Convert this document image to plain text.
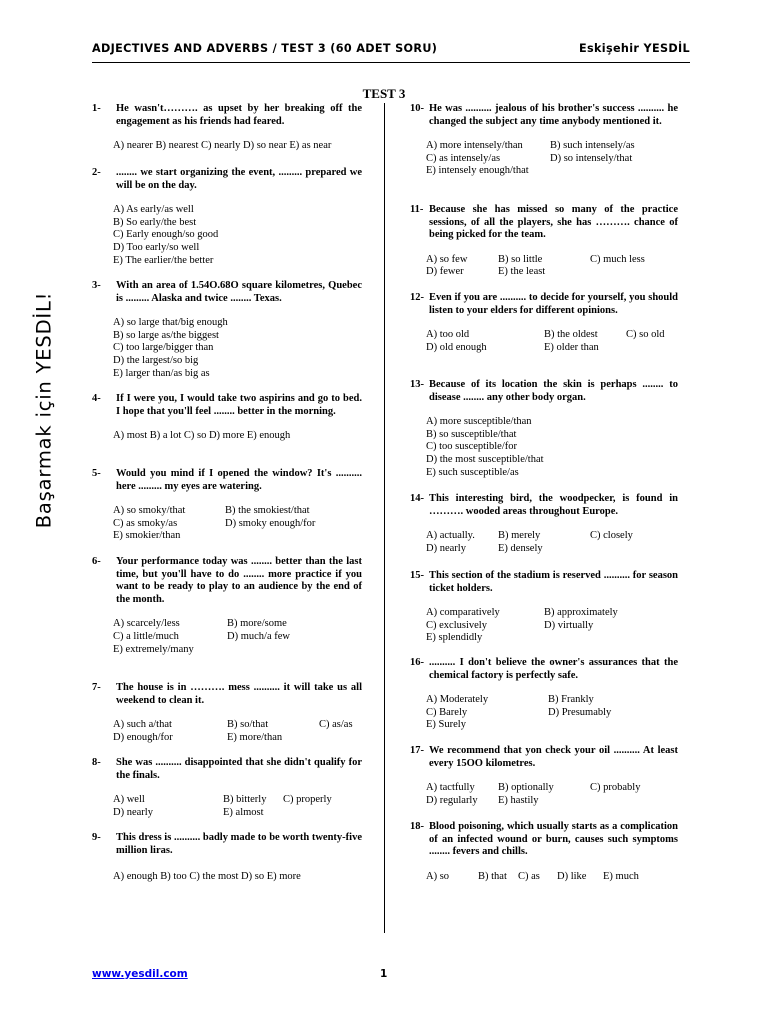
ADJECTIVES AND ADVERBS / TEST 3 (60 ADET SORU)	Eskişehir YESDİL
TEST 3
Başarmak için YESDİL!
1- He wasn't………. as upset by her breaking off the engagement as his friends had feared.
A) nearer B) nearest C) nearly D) so near E) as near
2- ........ we start organizing the event, ......... prepared we will be on the day.
A) As early/as well
B) So early/the best
C) Early enough/so good
D) Too early/so well
E) The earlier/the better
3- With an area of 1.54O.68O square kilometres, Quebec is ......... Alaska and twice ........ Texas.
A) so large that/big enough
B) so large as/the biggest
C) too large/bigger than
D) the largest/so big
E) larger than/as big as
4- If I were you, I would take two aspirins and go to bed. I hope that you'll feel ........ better in the morning.
A) most B) a lot C) so D) more E) enough
5- Would you mind if I opened the window? It's .......... here ......... my eyes are watering.
A) so smoky/that	B) the smokiest/that
C) as smoky/as	D) smoky enough/for
E) smokier/than
6- Your performance today was ........ better than the last time, but you'll have to do ........ more practice if you want to be ready to play to an audience by the end of the month.
A) scarcely/less	B) more/some
C) a little/much	D) much/a few
E) extremely/many
7- The house is in ………. mess .......... it will take us all weekend to clean it.
A) such a/that	B) so/that	C) as/as
D) enough/for	E) more/than
8- She was .......... disappointed that she didn't qualify for the finals.
A) well	B) bitterly C) properly
D) nearly	E) almost
9- This dress is .......... badly made to be worth twenty-five million liras.
A) enough B) too C) the most D) so E) more
10- He was .......... jealous of his brother's success .......... he changed the subject any time anybody mentioned it.
A) more intensely/than	B) such intensely/as
C) as intensely/as	D) so intensely/that
E) intensely enough/that
11- Because she has missed so many of the practice sessions, of all the players, she has ………. chance of being picked for the team.
A) so few	B) so little	C) much less
D) fewer	E) the least
12- Even if you are .......... to decide for yourself, you should listen to your elders for different opinions.
A) too old	B) the oldest	C) so old
D) old enough	E) older than
13- Because of its location the skin is perhaps ........ to disease ........ any other body organ.
A) more susceptible/than
B) so susceptible/that
C) too susceptible/for
D) the most susceptible/that
E) such susceptible/as
14- This interesting bird, the woodpecker, is found in ………. wooded areas throughout Europe.
A) actually. B) merely	C) closely
D) nearly	E) densely
15- This section of the stadium is reserved .......... for season ticket holders.
A) comparatively	B) approximately
C) exclusively	D) virtually
E) splendidly
16- .......... I don't believe the owner's assurances that the chemical factory is perfectly safe.
A) Moderately	B) Frankly
C) Barely	D) Presumably
E) Surely
17- We recommend that yon check your oil .......... At least every 15OO kilometres.
A) tactfully B) optionally	C) probably
D) regularly E) hastily
18- Blood poisoning, which usually starts as a complication of an infected wound or burn, causes such symptoms ........ fevers and chills.
A) so	B) that C) as D) like E) much
www.yesdil.com	1
